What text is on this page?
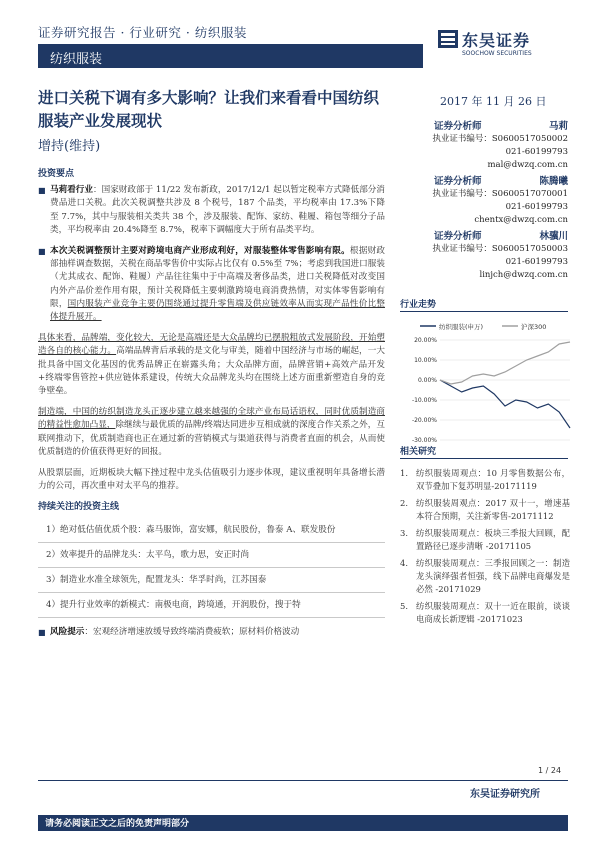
证券研究报告 · 行业研究 · 纺织服装
纺织服装
东吴证券
SOOCHOW SECURITIES
进口关税下调有多大影响？让我们来看看中国纺织服装产业发展现状
增持(维持)
2017 年 11 月 26 日
证券分析师	马莉
执业证书编号：S0600517050002
021-60199793
mal@dwzq.com.cn
证券分析师	陈腾曦
执业证书编号：S0600517070001
021-60199793
chentx@dwzq.com.cn
证券分析师	林骥川
执业证书编号：S0600517050003
021-60199793
linjch@dwzq.com.cn
投资要点
■ 马莉看行业：国家财政部于 11/22 发布新政，2017/12/1 起以暂定税率方式降低部分消费品进口关税。此次关税调整共涉及 8 个税号，187 个品类，平均税率由 17.3%下降至 7.7%，其中与服装相关类共 38 个，涉及服装、配饰、家纺、鞋履、箱包等细分子品类，平均税率由 20.4%降至 8.7%，税率下调幅度大于所有品类平均。
■ 本次关税调整预计主要对跨境电商产业形成利好，对服装整体零售影响有限。根据财政部抽样调查数据，关税在商品零售价中实际占比仅有 0.5%至 7%；考虑到我国进口服装（尤其成衣、配饰、鞋履）产品往往集中于中高端及奢侈品类，进口关税降低对改变国内外产品价差作用有限，预计关税降低主要刺激跨境电商消费热情，对实体零售影响有限，国内服装产业竞争主要仍围绕通过提升零售端及供应链效率从而实现产品性价比整体提升展开。
具体来看，品牌端，变化较大，无论是高端还是大众品牌均已摆脱粗放式发展阶段，开始塑造各自的核心能力。高端品牌背后承载的是文化与审美，随着中国经济与市场的崛起，一大批具备中国文化基因的优秀品牌正在崭露头角；大众品牌方面，品牌营销+高效产品开发+终端零售管控+供应链体系建设，传统大众品牌龙头均在围绕上述方面重新塑造自身的竞争壁垒。
制造端，中国的纺织制造龙头正逐步建立越来越强的全球产业布局话语权，同时优质制造商的精益性愈加凸显，除继续与最优质的品牌/终端达同进步互相成就的深度合作关系之外，互联网推动下，优质制造商也正在通过新的营销模式与渠道获得与消费者直面的机会，从而使优质制造的价值获得更好的回报。
从股票层面，近期板块大幅下挫过程中龙头估值吸引力逐步体现，建议重视明年具备增长潜力的公司，再次重申对太平鸟的推荐。
持续关注的投资主线
1）绝对低估值优质个股：森马服饰，富安娜，航民股份，鲁泰 A、联发股份
2）效率提升的品牌龙头：太平鸟，歌力思，安正时尚
3）制造业水准全球领先，配置龙头：华孚时尚，江苏国泰
4）提升行业效率的新模式：南极电商，跨境通，开润股份，搜于特
■ 风险提示：宏观经济增速放缓导致终端消费疲软；原材料价格波动
行业走势
纺织服装(申万)	沪深300
20.00%
10.00%
0.00%
-10.00%
-20.00%
-30.00%
相关研究
1. 纺织服装周观点：10 月零售数据公布，双节叠加下复苏明显-20171119
2. 纺织服装周观点：2017 双十一，增速基本符合预期，关注新零售-20171112
3. 纺织服装周观点：板块三季报大回顾，配置路径已逐步清晰 -20171105
4. 纺织服装周观点：三季报回顾之一：制造龙头演绎强者恒强，线下品牌电商爆发是必然 -20171029
5. 纺织服装周观点：双十一近在眼前，谈谈电商成长新逻辑 -20171023
1 / 24
东吴证券研究所
请务必阅读正文之后的免责声明部分
